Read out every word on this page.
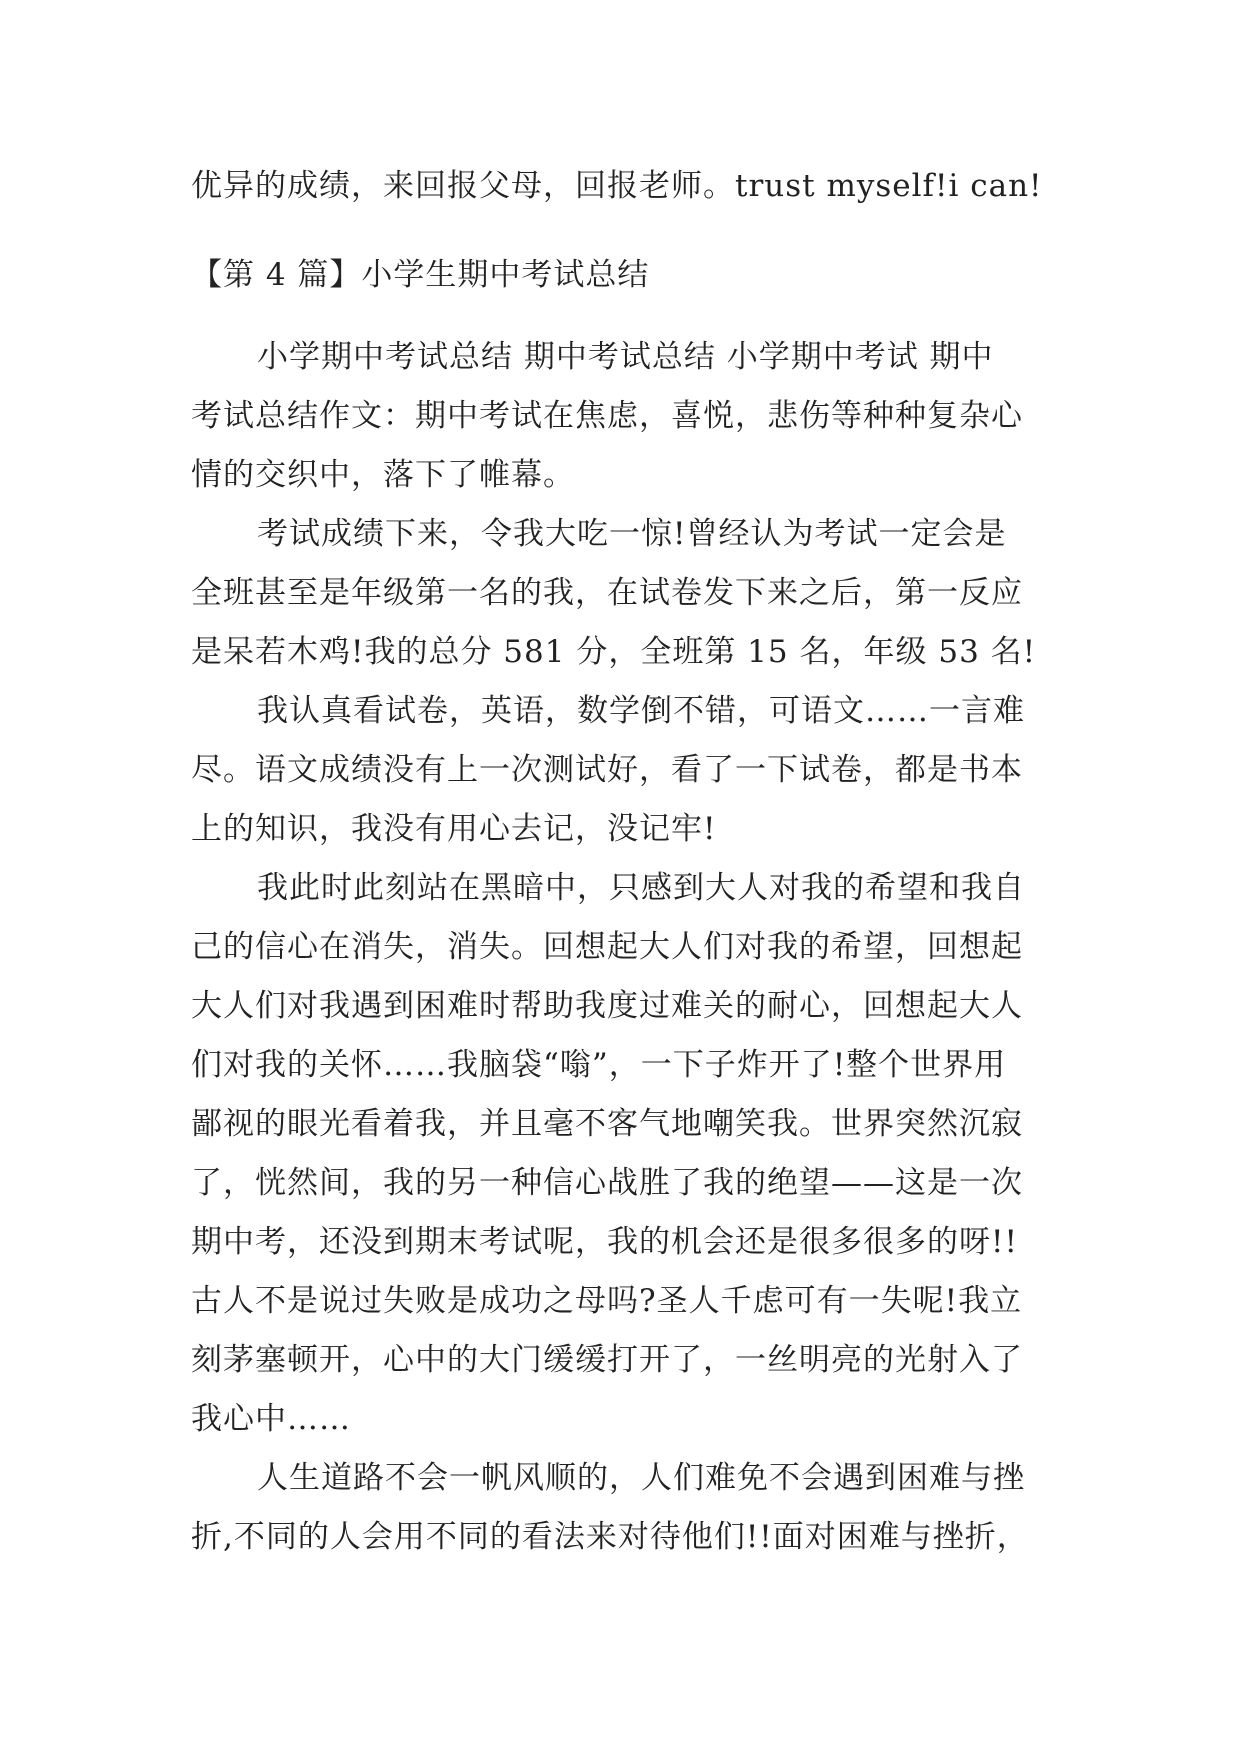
优异的成绩，来回报父母，回报老师。trust myself!i can!
【第 4 篇】小学生期中考试总结
小学期中考试总结 期中考试总结 小学期中考试 期中
考试总结作文：期中考试在焦虑，喜悦，悲伤等种种复杂心
情的交织中，落下了帷幕。
考试成绩下来，令我大吃一惊!曾经认为考试一定会是
全班甚至是年级第一名的我，在试卷发下来之后，第一反应
是呆若木鸡!我的总分 581 分，全班第 15 名，年级 53 名!
我认真看试卷，英语，数学倒不错，可语文……一言难
尽。语文成绩没有上一次测试好，看了一下试卷，都是书本
上的知识，我没有用心去记，没记牢!
我此时此刻站在黑暗中，只感到大人对我的希望和我自
己的信心在消失，消失。回想起大人们对我的希望，回想起
大人们对我遇到困难时帮助我度过难关的耐心，回想起大人
们对我的关怀……我脑袋“嗡”，一下子炸开了!整个世界用
鄙视的眼光看着我，并且毫不客气地嘲笑我。世界突然沉寂
了，恍然间，我的另一种信心战胜了我的绝望——这是一次
期中考，还没到期末考试呢，我的机会还是很多很多的呀!!
古人不是说过失败是成功之母吗?圣人千虑可有一失呢!我立
刻茅塞顿开，心中的大门缓缓打开了，一丝明亮的光射入了
我心中……
人生道路不会一帆风顺的，人们难免不会遇到困难与挫
折,不同的人会用不同的看法来对待他们!!面对困难与挫折，
